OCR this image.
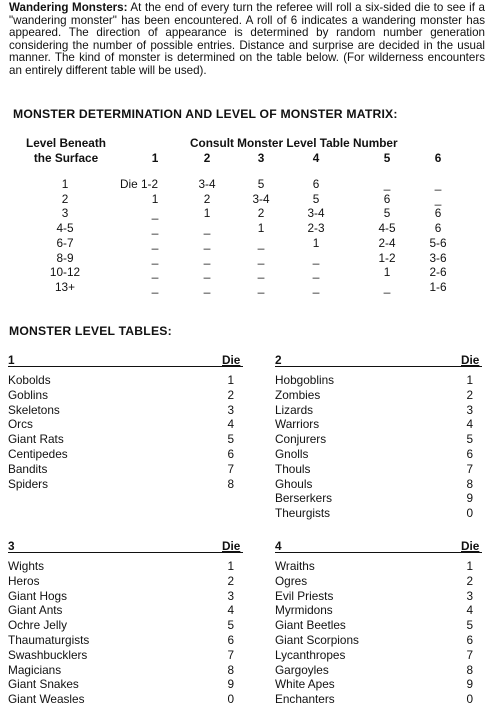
Wandering Monsters: At the end of every turn the referee will roll a six-sided die to see if a "wandering monster" has been encountered. A roll of 6 indicates a wandering monster has appeared. The direction of appearance is determined by random number generation considering the number of possible entries. Distance and surprise are decided in the usual manner. The kind of monster is determined on the table below. (For wilderness encounters an entirely different table will be used).
MONSTER DETERMINATION AND LEVEL OF MONSTER MATRIX:
Level Beneath
the Surface
Consult Monster Level Table Number
1	2	3	4	5	6
1	Die 1-2	3-4	5	6	_	_
2	1	2	3-4	5	6	_
3	_	1	2	3-4	5	6
4-5	_	_	1	2-3	4-5	6
6-7	_	_	_	1	2-4	5-6
8-9	_	_	_	_	1-2	3-6
10-12	_	_	_	_	1	2-6
13+	_	_	_	_	_	1-6
MONSTER LEVEL TABLES:
1	Die
Kobolds	1
Goblins	2
Skeletons	3
Orcs	4
Giant Rats	5
Centipedes	6
Bandits	7
Spiders	8
2	Die
Hobgoblins	1
Zombies	2
Lizards	3
Warriors	4
Conjurers	5
Gnolls	6
Thouls	7
Ghouls	8
Berserkers	9
Theurgists	0
3	Die
Wights	1
Heros	2
Giant Hogs	3
Giant Ants	4
Ochre Jelly	5
Thaumaturgists	6
Swashbucklers	7
Magicians	8
Giant Snakes	9
Giant Weasles	0
4	Die
Wraiths	1
Ogres	2
Evil Priests	3
Myrmidons	4
Giant Beetles	5
Giant Scorpions	6
Lycanthropes	7
Gargoyles	8
White Apes	9
Enchanters	0
